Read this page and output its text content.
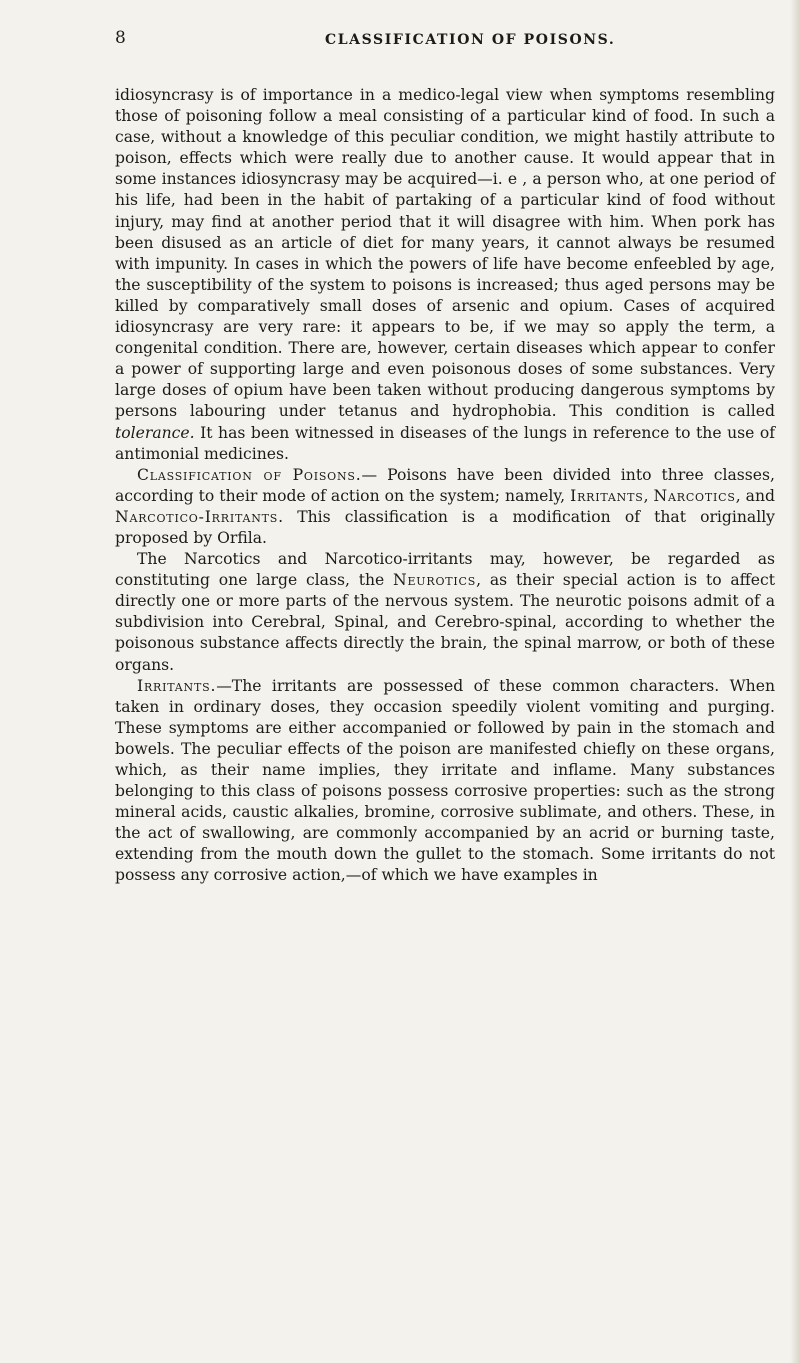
8	CLASSIFICATION OF POISONS.

idiosyncrasy is of importance in a medico-legal view when symptoms resembling those of poisoning follow a meal consisting of a particular kind of food. In such a case, without a knowledge of this peculiar condition, we might hastily attribute to poison, effects which were really due to another cause. It would appear that in some instances idiosyncrasy may be acquired—i. e , a person who, at one period of his life, had been in the habit of partaking of a particular kind of food without injury, may find at another period that it will disagree with him. When pork has been disused as an article of diet for many years, it cannot always be resumed with impunity. In cases in which the powers of life have become enfeebled by age, the susceptibility of the system to poisons is increased; thus aged persons may be killed by comparatively small doses of arsenic and opium. Cases of acquired idiosyncrasy are very rare: it appears to be, if we may so apply the term, a congenital condition. There are, however, certain diseases which appear to confer a power of supporting large and even poisonous doses of some substances. Very large doses of opium have been taken without producing dangerous symptoms by persons labouring under tetanus and hydrophobia. This condition is called tolerance. It has been witnessed in diseases of the lungs in reference to the use of antimonial medicines.

Classification of Poisons.— Poisons have been divided into three classes, according to their mode of action on the system; namely, Irritants, Narcotics, and Narcotico-Irritants. This classification is a modification of that originally proposed by Orfila.

The Narcotics and Narcotico-irritants may, however, be regarded as constituting one large class, the Neurotics, as their special action is to affect directly one or more parts of the nervous system. The neurotic poisons admit of a subdivision into Cerebral, Spinal, and Cerebro-spinal, according to whether the poisonous substance affects directly the brain, the spinal marrow, or both of these organs.

Irritants.—The irritants are possessed of these common characters. When taken in ordinary doses, they occasion speedily violent vomiting and purging. These symptoms are either accompanied or followed by pain in the stomach and bowels. The peculiar effects of the poison are manifested chiefly on these organs, which, as their name implies, they irritate and inflame. Many substances belonging to this class of poisons possess corrosive properties: such as the strong mineral acids, caustic alkalies, bromine, corrosive sublimate, and others. These, in the act of swallowing, are commonly accompanied by an acrid or burning taste, extending from the mouth down the gullet to the stomach. Some irritants do not possess any corrosive action,—of which we have examples in
